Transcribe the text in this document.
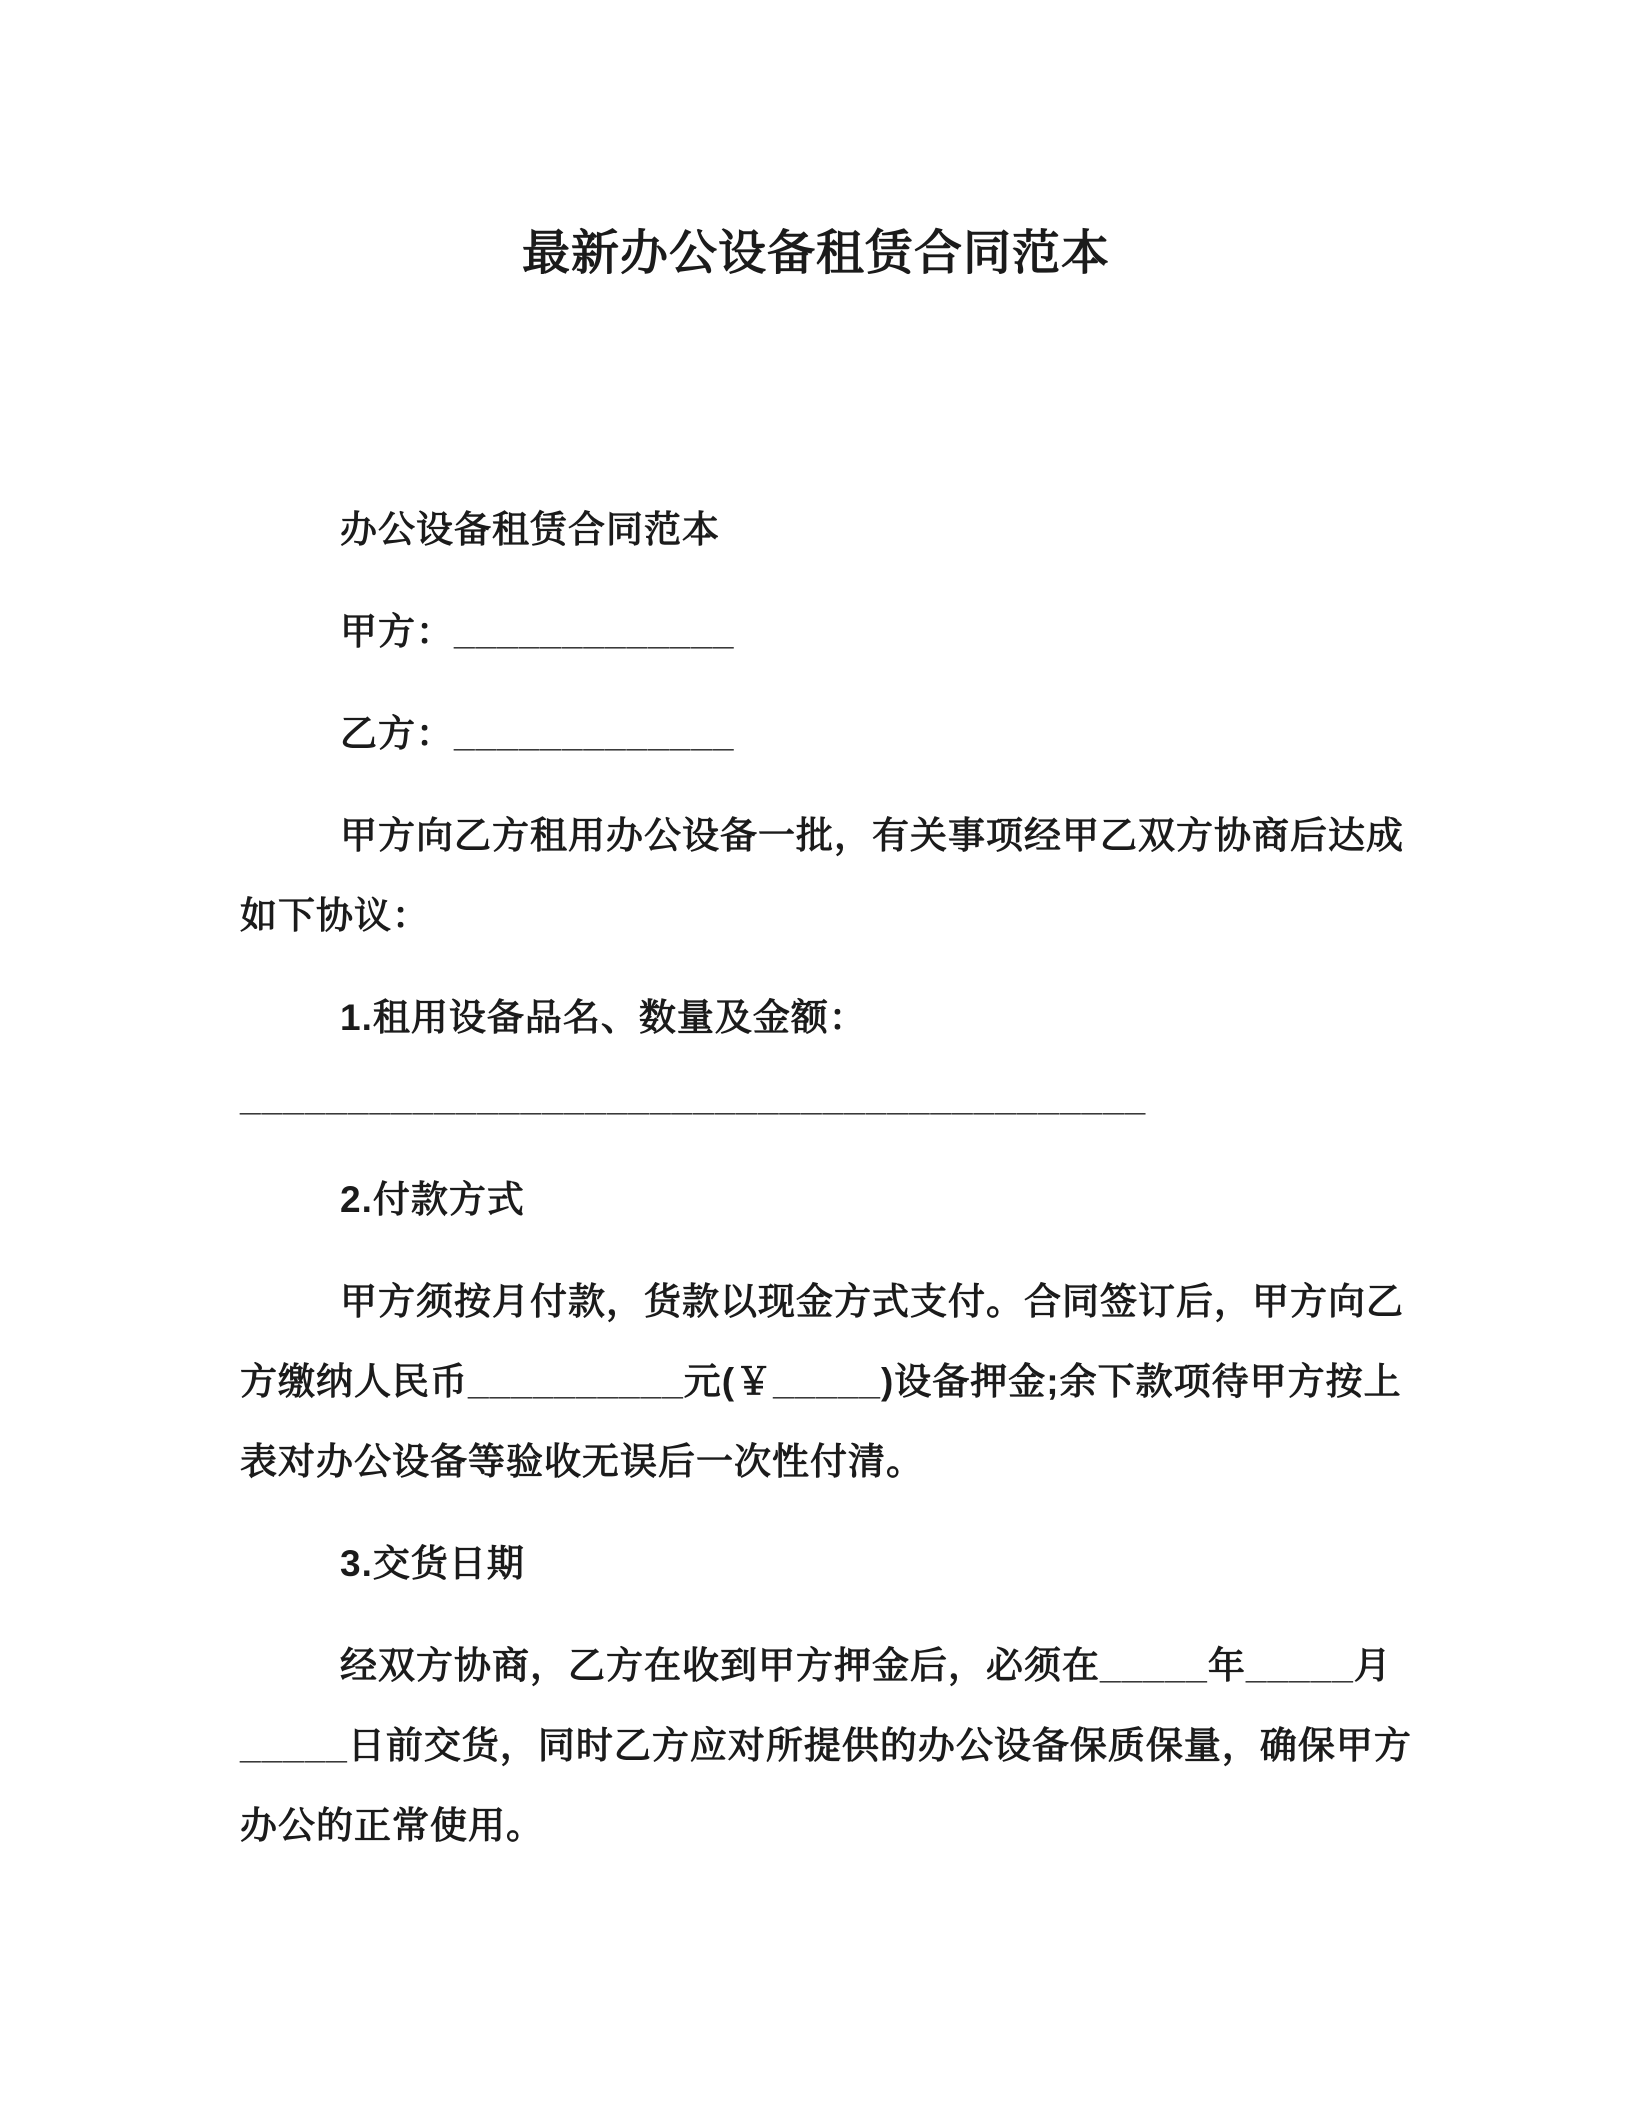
最新办公设备租赁合同范本
办公设备租赁合同范本
甲方：_____________
乙方：_____________
甲方向乙方租用办公设备一批，有关事项经甲乙双方协商后达成
如下协议：
1.租用设备品名、数量及金额：
__________________________________________
2.付款方式
甲方须按月付款，货款以现金方式支付。合同签订后，甲方向乙
方缴纳人民币__________元(￥_____)设备押金;余下款项待甲方按上
表对办公设备等验收无误后一次性付清。
3.交货日期
经双方协商，乙方在收到甲方押金后，必须在_____年_____月
_____日前交货，同时乙方应对所提供的办公设备保质保量，确保甲方
办公的正常使用。
